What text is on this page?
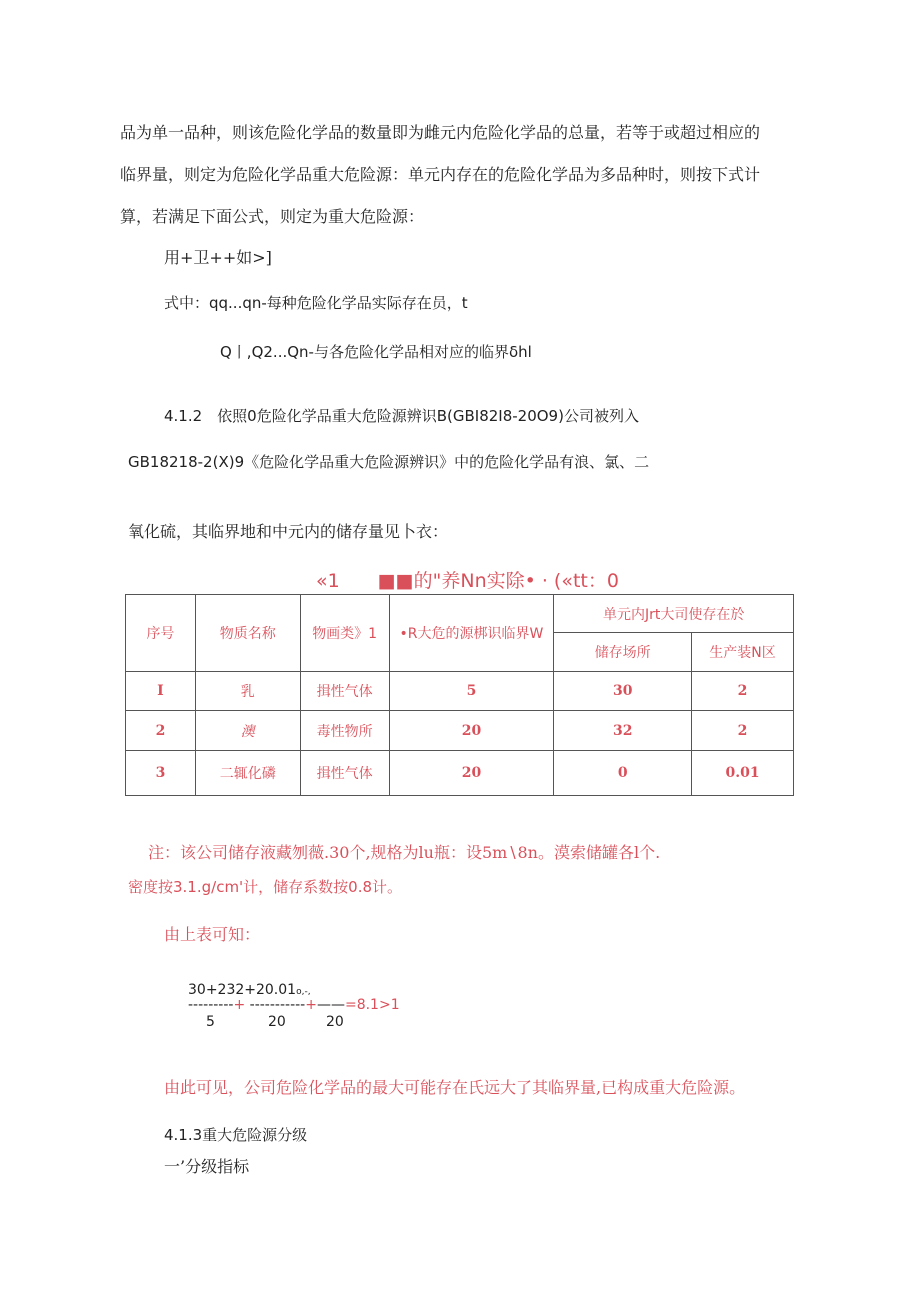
品为单一品种，则该危险化学品的数量即为雌元内危险化学品的总量，若等于或超过相应的
临界量，则定为危险化学品重大危险源：单元内存在的危险化学品为多品种时，则按下式计
算，若满足下面公式，则定为重大危险源：
用+卫++如>]
式中：qq...qn-每种危险化学品实际存在员，t
Q丨,Q2...Qn-与各危险化学品相对应的临界δhl
4.1.2　依照0危险化学品重大危险源辨识B(GBI82I8-20O9)公司被列入
GB18218-2(X)9《危险化学品重大危险源辨识》中的危险化学品有浪、氯、二
氧化硫，其临界地和中元内的储存量见卜衣：
«1　　■■的"养Nn实除• · («tt：0
序号	物质名称	物画类》1	•R大危的源梆识临界W	单元内Jrt大司使存在於	
				储存场所	生产装N区
I	乳	揖性气体	5	30	2
2	澳	毒性物所	20	32	2
3	二辄化磷	揖性气体	20	0	0.01
注：该公司储存液藏刎薇.30个,规格为lu瓶：设5m∖8n。漠索储罐各l个.
密度按3.1.g∕cm'计，储存系数按0.8计。
由上表可知：
30+232+20.01o,-,
---------+ -----------+——=8.1>1
5	20	20
由此可见，公司危险化学品的最大可能存在氏远大了其临界量,已构成重大危险源。
4.1.3重大危险源分级
一’分级指标
